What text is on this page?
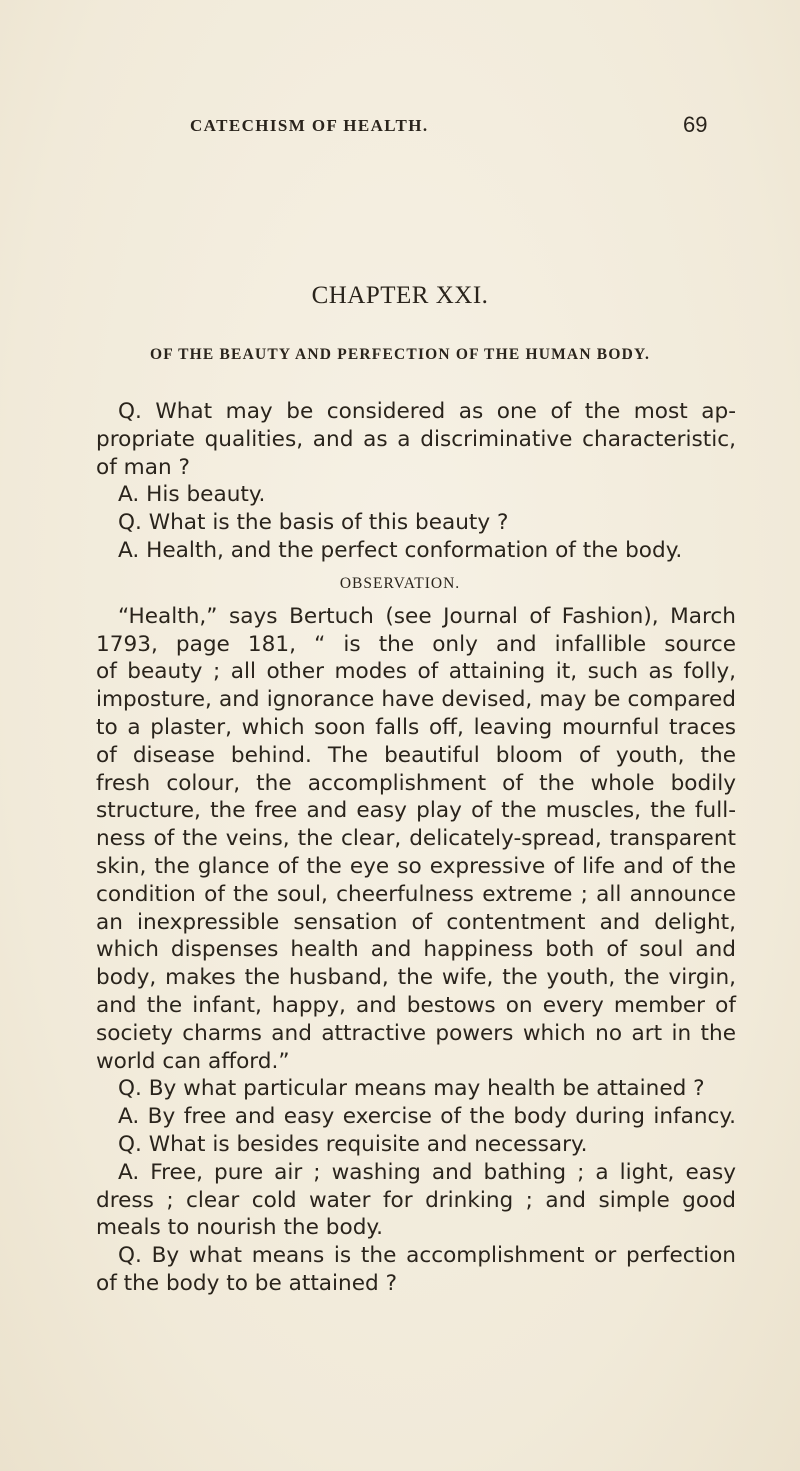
CATECHISM OF HEALTH.	69
CHAPTER XXI.
OF THE BEAUTY AND PERFECTION OF THE HUMAN BODY.
Q. What may be considered as one of the most ap-
propriate qualities, and as a discriminative characteristic,
of man ?
A. His beauty.
Q. What is the basis of this beauty ?
A. Health, and the perfect conformation of the body.
OBSERVATION.
“Health,” says Bertuch (see Journal of Fashion), March
1793, page 181, “ is the only and infallible source
of beauty ; all other modes of attaining it, such as folly,
imposture, and ignorance have devised, may be compared
to a plaster, which soon falls off, leaving mournful traces
of disease behind. The beautiful bloom of youth, the
fresh colour, the accomplishment of the whole bodily
structure, the free and easy play of the muscles, the full-
ness of the veins, the clear, delicately-spread, transparent
skin, the glance of the eye so expressive of life and of the
condition of the soul, cheerfulness extreme ; all announce
an inexpressible sensation of contentment and delight,
which dispenses health and happiness both of soul and
body, makes the husband, the wife, the youth, the virgin,
and the infant, happy, and bestows on every member of
society charms and attractive powers which no art in the
world can afford.”
Q. By what particular means may health be attained ?
A. By free and easy exercise of the body during infancy.
Q. What is besides requisite and necessary.
A. Free, pure air ; washing and bathing ; a light, easy
dress ; clear cold water for drinking ; and simple good
meals to nourish the body.
Q. By what means is the accomplishment or perfection
of the body to be attained ?
